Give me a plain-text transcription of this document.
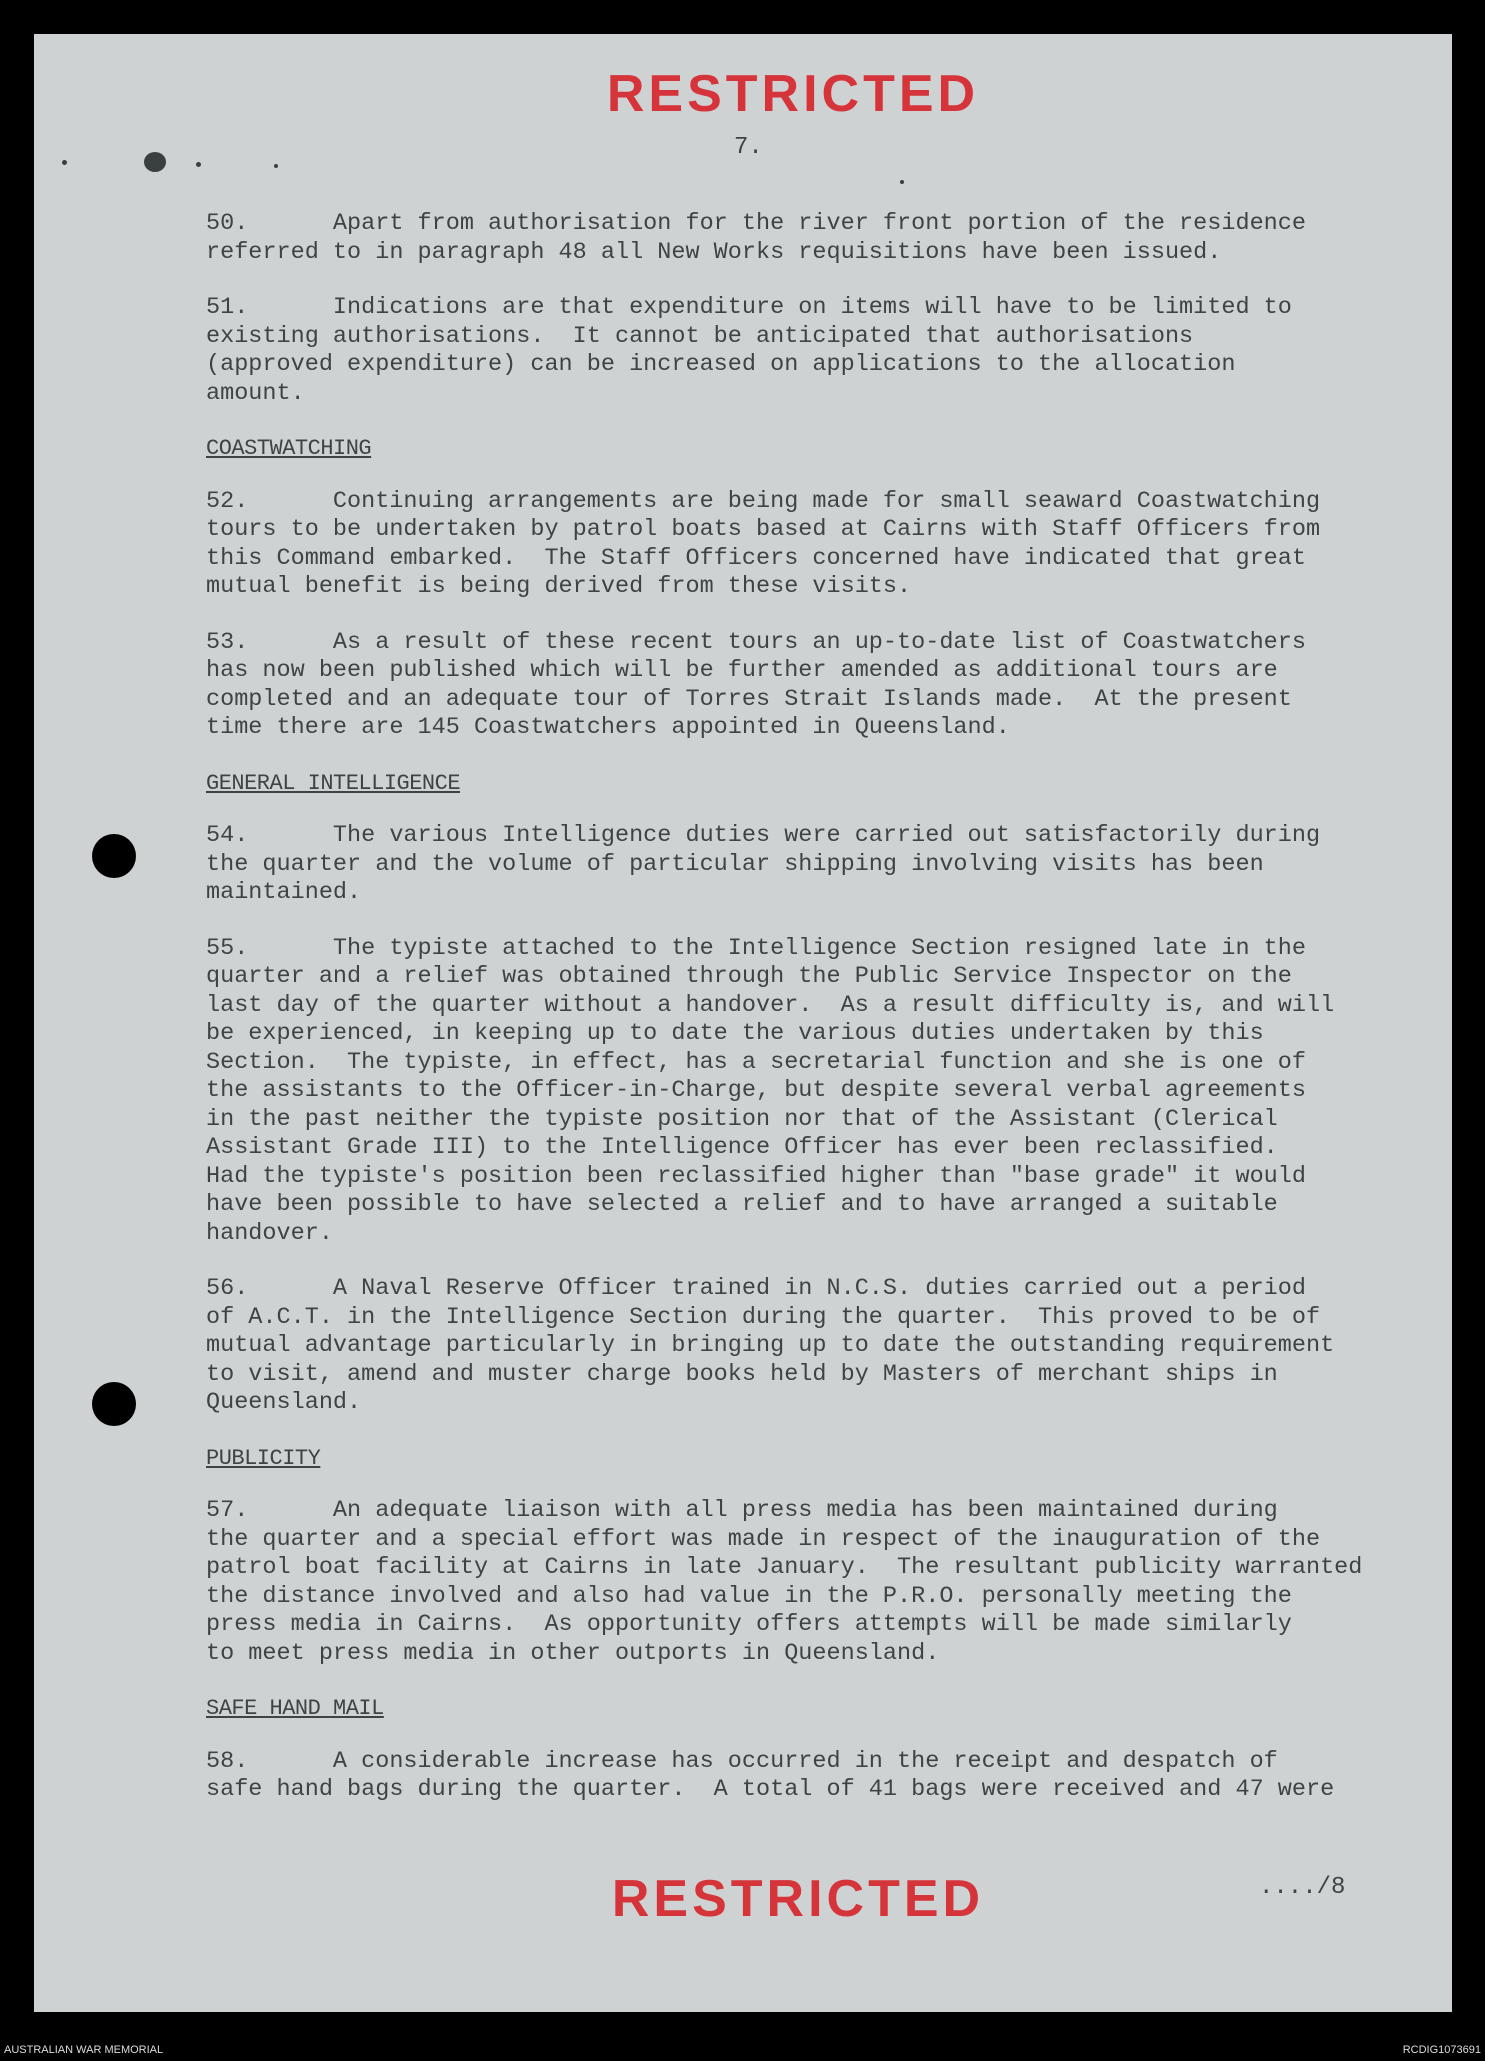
RESTRICTED
7.
50.      Apart from authorisation for the river front portion of the residence
referred to in paragraph 48 all New Works requisitions have been issued.
51.      Indications are that expenditure on items will have to be limited to
existing authorisations.  It cannot be anticipated that authorisations
(approved expenditure) can be increased on applications to the allocation
amount.
COASTWATCHING
52.      Continuing arrangements are being made for small seaward Coastwatching
tours to be undertaken by patrol boats based at Cairns with Staff Officers from
this Command embarked.  The Staff Officers concerned have indicated that great
mutual benefit is being derived from these visits.
53.      As a result of these recent tours an up-to-date list of Coastwatchers
has now been published which will be further amended as additional tours are
completed and an adequate tour of Torres Strait Islands made.  At the present
time there are 145 Coastwatchers appointed in Queensland.
GENERAL INTELLIGENCE
54.      The various Intelligence duties were carried out satisfactorily during
the quarter and the volume of particular shipping involving visits has been
maintained.
55.      The typiste attached to the Intelligence Section resigned late in the
quarter and a relief was obtained through the Public Service Inspector on the
last day of the quarter without a handover.  As a result difficulty is, and will
be experienced, in keeping up to date the various duties undertaken by this
Section.  The typiste, in effect, has a secretarial function and she is one of
the assistants to the Officer-in-Charge, but despite several verbal agreements
in the past neither the typiste position nor that of the Assistant (Clerical
Assistant Grade III) to the Intelligence Officer has ever been reclassified.
Had the typiste's position been reclassified higher than "base grade" it would
have been possible to have selected a relief and to have arranged a suitable
handover.
56.      A Naval Reserve Officer trained in N.C.S. duties carried out a period
of A.C.T. in the Intelligence Section during the quarter.  This proved to be of
mutual advantage particularly in bringing up to date the outstanding requirement
to visit, amend and muster charge books held by Masters of merchant ships in
Queensland.
PUBLICITY
57.      An adequate liaison with all press media has been maintained during
the quarter and a special effort was made in respect of the inauguration of the
patrol boat facility at Cairns in late January.  The resultant publicity warranted
the distance involved and also had value in the P.R.O. personally meeting the
press media in Cairns.  As opportunity offers attempts will be made similarly
to meet press media in other outports in Queensland.
SAFE HAND MAIL
58.      A considerable increase has occurred in the receipt and despatch of
safe hand bags during the quarter.  A total of 41 bags were received and 47 were
RESTRICTED	..../8
AUSTRALIAN WAR MEMORIAL	RCDIG1073691
